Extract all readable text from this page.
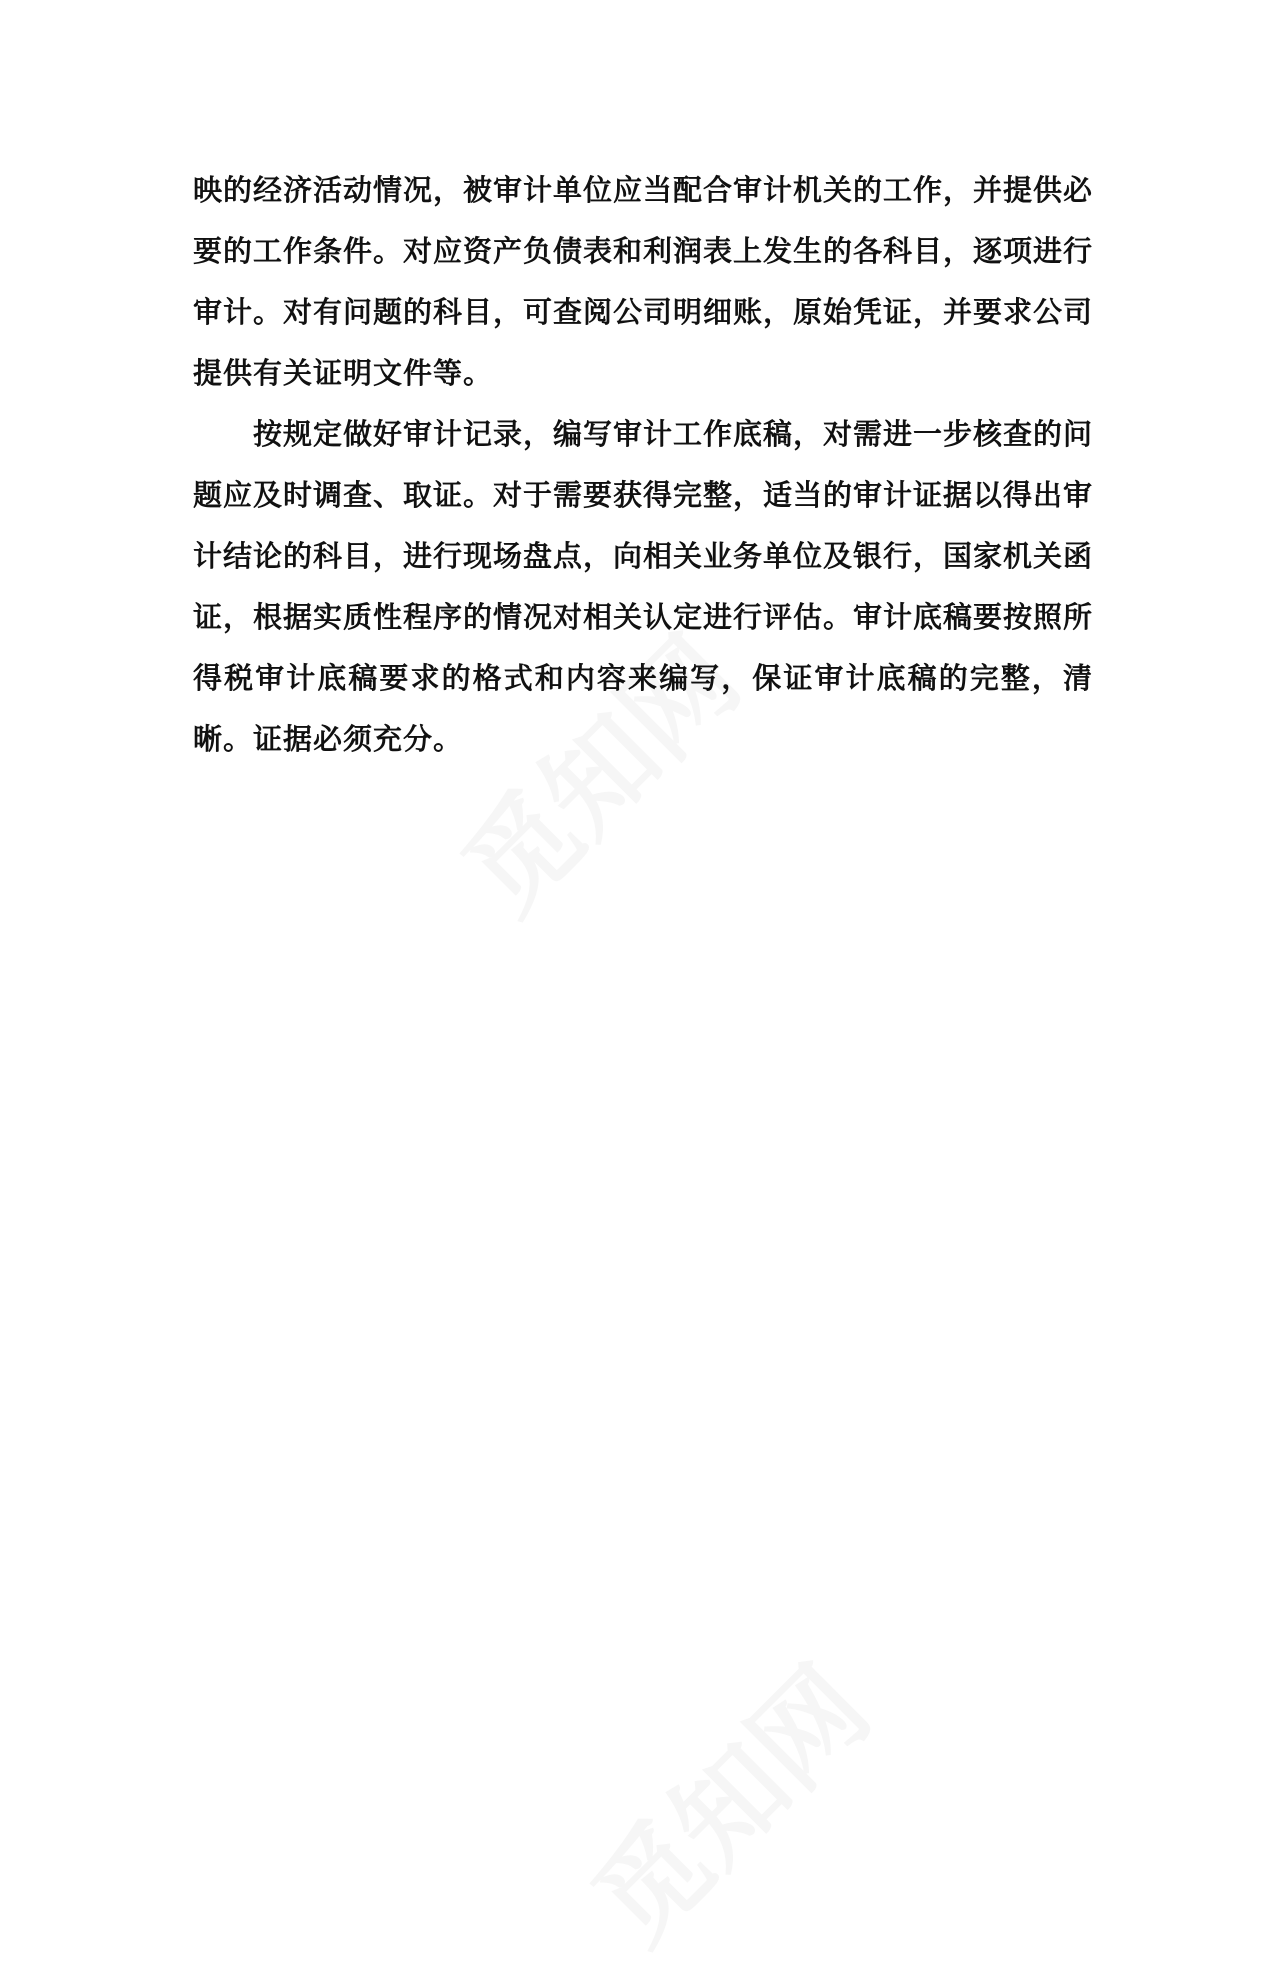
映的经济活动情况，被审计单位应当配合审计机关的工作，并提供必要的工作条件。对应资产负债表和利润表上发生的各科目，逐项进行审计。对有问题的科目，可查阅公司明细账，原始凭证，并要求公司提供有关证明文件等。

按规定做好审计记录，编写审计工作底稿，对需进一步核查的问题应及时调查、取证。对于需要获得完整，适当的审计证据以得出审计结论的科目，进行现场盘点，向相关业务单位及银行，国家机关函证，根据实质性程序的情况对相关认定进行评估。审计底稿要按照所得税审计底稿要求的格式和内容来编写，保证审计底稿的完整，清晰。证据必须充分。
